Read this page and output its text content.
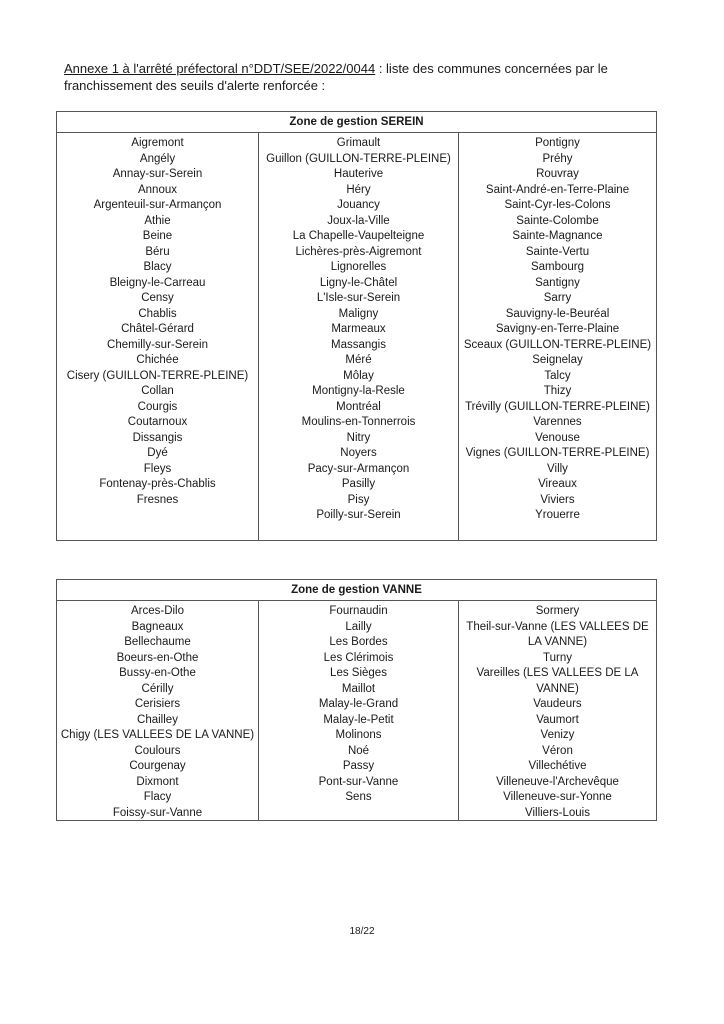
Annexe 1 à l'arrêté préfectoral n°DDT/SEE/2022/0044 : liste des communes concernées par le franchissement des seuils d'alerte renforcée :
Zone de gestion SEREIN
Aigremont
Angély
Annay-sur-Serein
Annoux
Argenteuil-sur-Armançon
Athie
Beine
Béru
Blacy
Bleigny-le-Carreau
Censy
Chablis
Châtel-Gérard
Chemilly-sur-Serein
Chichée
Cisery (GUILLON-TERRE-PLEINE)
Collan
Courgis
Coutarnoux
Dissangis
Dyé
Fleys
Fontenay-près-Chablis
Fresnes
Grimault
Guillon (GUILLON-TERRE-PLEINE)
Hauterive
Héry
Jouancy
Joux-la-Ville
La Chapelle-Vaupelteigne
Lichères-près-Aigremont
Lignorelles
Ligny-le-Châtel
L'Isle-sur-Serein
Maligny
Marmeaux
Massangis
Méré
Môlay
Montigny-la-Resle
Montréal
Moulins-en-Tonnerrois
Nitry
Noyers
Pacy-sur-Armançon
Pasilly
Pisy
Poilly-sur-Serein
Pontigny
Préhy
Rouvray
Saint-André-en-Terre-Plaine
Saint-Cyr-les-Colons
Sainte-Colombe
Sainte-Magnance
Sainte-Vertu
Sambourg
Santigny
Sarry
Sauvigny-le-Beuréal
Savigny-en-Terre-Plaine
Sceaux (GUILLON-TERRE-PLEINE)
Seignelay
Talcy
Thizy
Trévilly (GUILLON-TERRE-PLEINE)
Varennes
Venouse
Vignes (GUILLON-TERRE-PLEINE)
Villy
Vireaux
Viviers
Yrouerre
Zone de gestion VANNE
Arces-Dilo
Bagneaux
Bellechaume
Boeurs-en-Othe
Bussy-en-Othe
Cérilly
Cerisiers
Chailley
Chigy (LES VALLEES DE LA VANNE)
Coulours
Courgenay
Dixmont
Flacy
Foissy-sur-Vanne
Fournaudin
Lailly
Les Bordes
Les Clérimois
Les Sièges
Maillot
Malay-le-Grand
Malay-le-Petit
Molinons
Noé
Passy
Pont-sur-Vanne
Sens
Sormery
Theil-sur-Vanne (LES VALLEES DE LA VANNE)
Turny
Vareilles (LES VALLEES DE LA VANNE)
Vaudeurs
Vaumort
Venizy
Véron
Villechétive
Villeneuve-l'Archevêque
Villeneuve-sur-Yonne
Villiers-Louis
18/22
